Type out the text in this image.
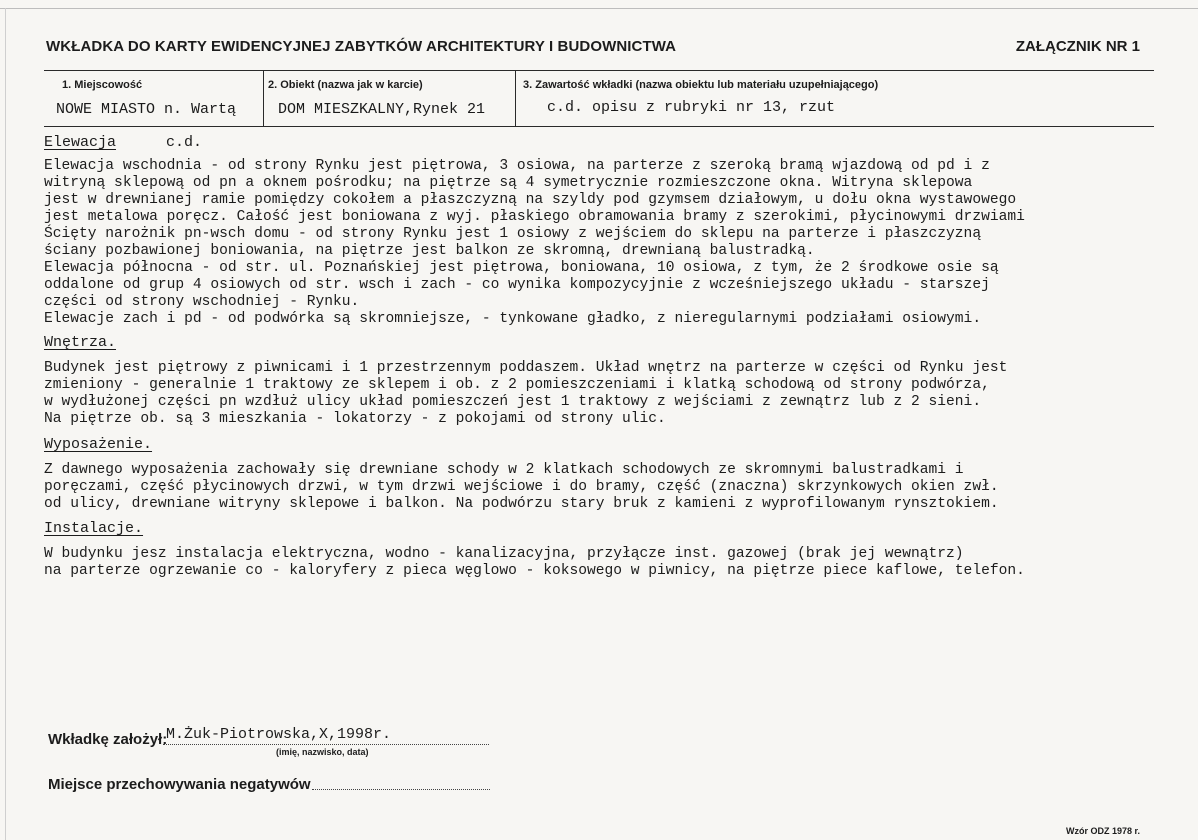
WKŁADKA DO KARTY EWIDENCYJNEJ ZABYTKÓW ARCHITEKTURY I BUDOWNICTWA	ZAŁĄCZNIK NR 1
1. Miejscowość
NOWE MIASTO n. Wartą
2. Obiekt (nazwa jak w karcie)
DOM MIESZKALNY,Rynek 21
3. Zawartość wkładki (nazwa obiektu lub materiału uzupełniającego)
c.d. opisu z rubryki nr 13, rzut
Elewacja	c.d.
Elewacja wschodnia - od strony Rynku jest piętrowa, 3 osiowa, na parterze z szeroką bramą wjazdową od pd i z
witryną sklepową od pn a oknem pośrodku; na piętrze są 4 symetrycznie rozmieszczone okna. Witryna sklepowa
jest w drewnianej ramie pomiędzy cokołem a płaszczyzną na szyldy pod gzymsem działowym, u dołu okna wystawowego
jest metalowa poręcz. Całość jest boniowana z wyj. płaskiego obramowania bramy z szerokimi, płycinowymi drzwiami
Ścięty narożnik pn-wsch domu - od strony Rynku jest 1 osiowy z wejściem do sklepu na parterze i płaszczyzną
ściany pozbawionej boniowania, na piętrze jest balkon ze skromną, drewnianą balustradką.
Elewacja północna - od str. ul. Poznańskiej jest piętrowa, boniowana, 10 osiowa, z tym, że 2 środkowe osie są
oddalone od grup 4 osiowych od str. wsch i zach - co wynika kompozycyjnie z wcześniejszego układu - starszej
części od strony wschodniej - Rynku.
Elewacje zach i pd - od podwórka są skromniejsze, - tynkowane gładko, z nieregularnymi podziałami osiowymi.
Wnętrza.
Budynek jest piętrowy z piwnicami i 1 przestrzennym poddaszem. Układ wnętrz na parterze w części od Rynku jest
zmieniony - generalnie 1 traktowy ze sklepem i ob. z 2 pomieszczeniami i klatką schodową od strony podwórza,
w wydłużonej części pn wzdłuż ulicy układ pomieszczeń jest 1 traktowy z wejściami z zewnątrz lub z 2 sieni.
Na piętrze ob. są 3 mieszkania - lokatorzy - z pokojami od strony ulic.
Wyposażenie.
Z dawnego wyposażenia zachowały się drewniane schody w 2 klatkach schodowych ze skromnymi balustradkami i
poręczami, część płycinowych drzwi, w tym drzwi wejściowe i do bramy, część (znaczna) skrzynkowych okien zwł.
od ulicy, drewniane witryny sklepowe i balkon. Na podwórzu stary bruk z kamieni z wyprofilowanym rynsztokiem.
Instalacje.
W budynku jesz instalacja elektryczna, wodno - kanalizacyjna, przyłącze inst. gazowej (brak jej wewnątrz)
na parterze ogrzewanie co - kaloryfery z pieca węglowo - koksowego w piwnicy, na piętrze piece kaflowe, telefon.
Wkładkę założył:
M.Żuk-Piotrowska,X,1998r.
(imię, nazwisko, data)
Miejsce przechowywania negatywów
Wzór ODZ 1978 r.
